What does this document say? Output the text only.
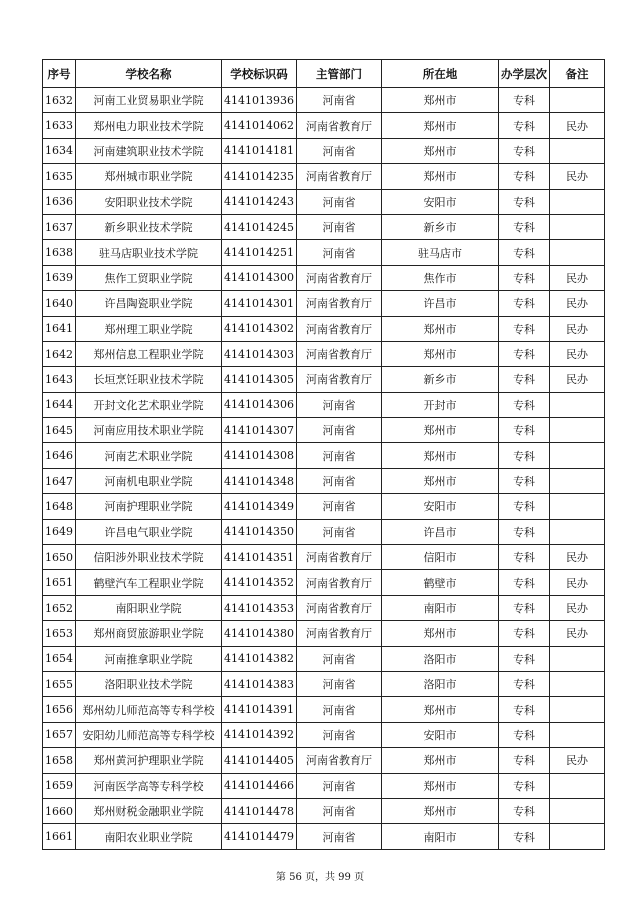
序号	学校名称	学校标识码	主管部门	所在地	办学层次	备注
1632	河南工业贸易职业学院	4141013936	河南省	郑州市	专科	
1633	郑州电力职业技术学院	4141014062	河南省教育厅	郑州市	专科	民办
1634	河南建筑职业技术学院	4141014181	河南省	郑州市	专科	
1635	郑州城市职业学院	4141014235	河南省教育厅	郑州市	专科	民办
1636	安阳职业技术学院	4141014243	河南省	安阳市	专科	
1637	新乡职业技术学院	4141014245	河南省	新乡市	专科	
1638	驻马店职业技术学院	4141014251	河南省	驻马店市	专科	
1639	焦作工贸职业学院	4141014300	河南省教育厅	焦作市	专科	民办
1640	许昌陶瓷职业学院	4141014301	河南省教育厅	许昌市	专科	民办
1641	郑州理工职业学院	4141014302	河南省教育厅	郑州市	专科	民办
1642	郑州信息工程职业学院	4141014303	河南省教育厅	郑州市	专科	民办
1643	长垣烹饪职业技术学院	4141014305	河南省教育厅	新乡市	专科	民办
1644	开封文化艺术职业学院	4141014306	河南省	开封市	专科	
1645	河南应用技术职业学院	4141014307	河南省	郑州市	专科	
1646	河南艺术职业学院	4141014308	河南省	郑州市	专科	
1647	河南机电职业学院	4141014348	河南省	郑州市	专科	
1648	河南护理职业学院	4141014349	河南省	安阳市	专科	
1649	许昌电气职业学院	4141014350	河南省	许昌市	专科	
1650	信阳涉外职业技术学院	4141014351	河南省教育厅	信阳市	专科	民办
1651	鹤壁汽车工程职业学院	4141014352	河南省教育厅	鹤壁市	专科	民办
1652	南阳职业学院	4141014353	河南省教育厅	南阳市	专科	民办
1653	郑州商贸旅游职业学院	4141014380	河南省教育厅	郑州市	专科	民办
1654	河南推拿职业学院	4141014382	河南省	洛阳市	专科	
1655	洛阳职业技术学院	4141014383	河南省	洛阳市	专科	
1656	郑州幼儿师范高等专科学校	4141014391	河南省	郑州市	专科	
1657	安阳幼儿师范高等专科学校	4141014392	河南省	安阳市	专科	
1658	郑州黄河护理职业学院	4141014405	河南省教育厅	郑州市	专科	民办
1659	河南医学高等专科学校	4141014466	河南省	郑州市	专科	
1660	郑州财税金融职业学院	4141014478	河南省	郑州市	专科	
1661	南阳农业职业学院	4141014479	河南省	南阳市	专科	
第 56 页，共 99 页
